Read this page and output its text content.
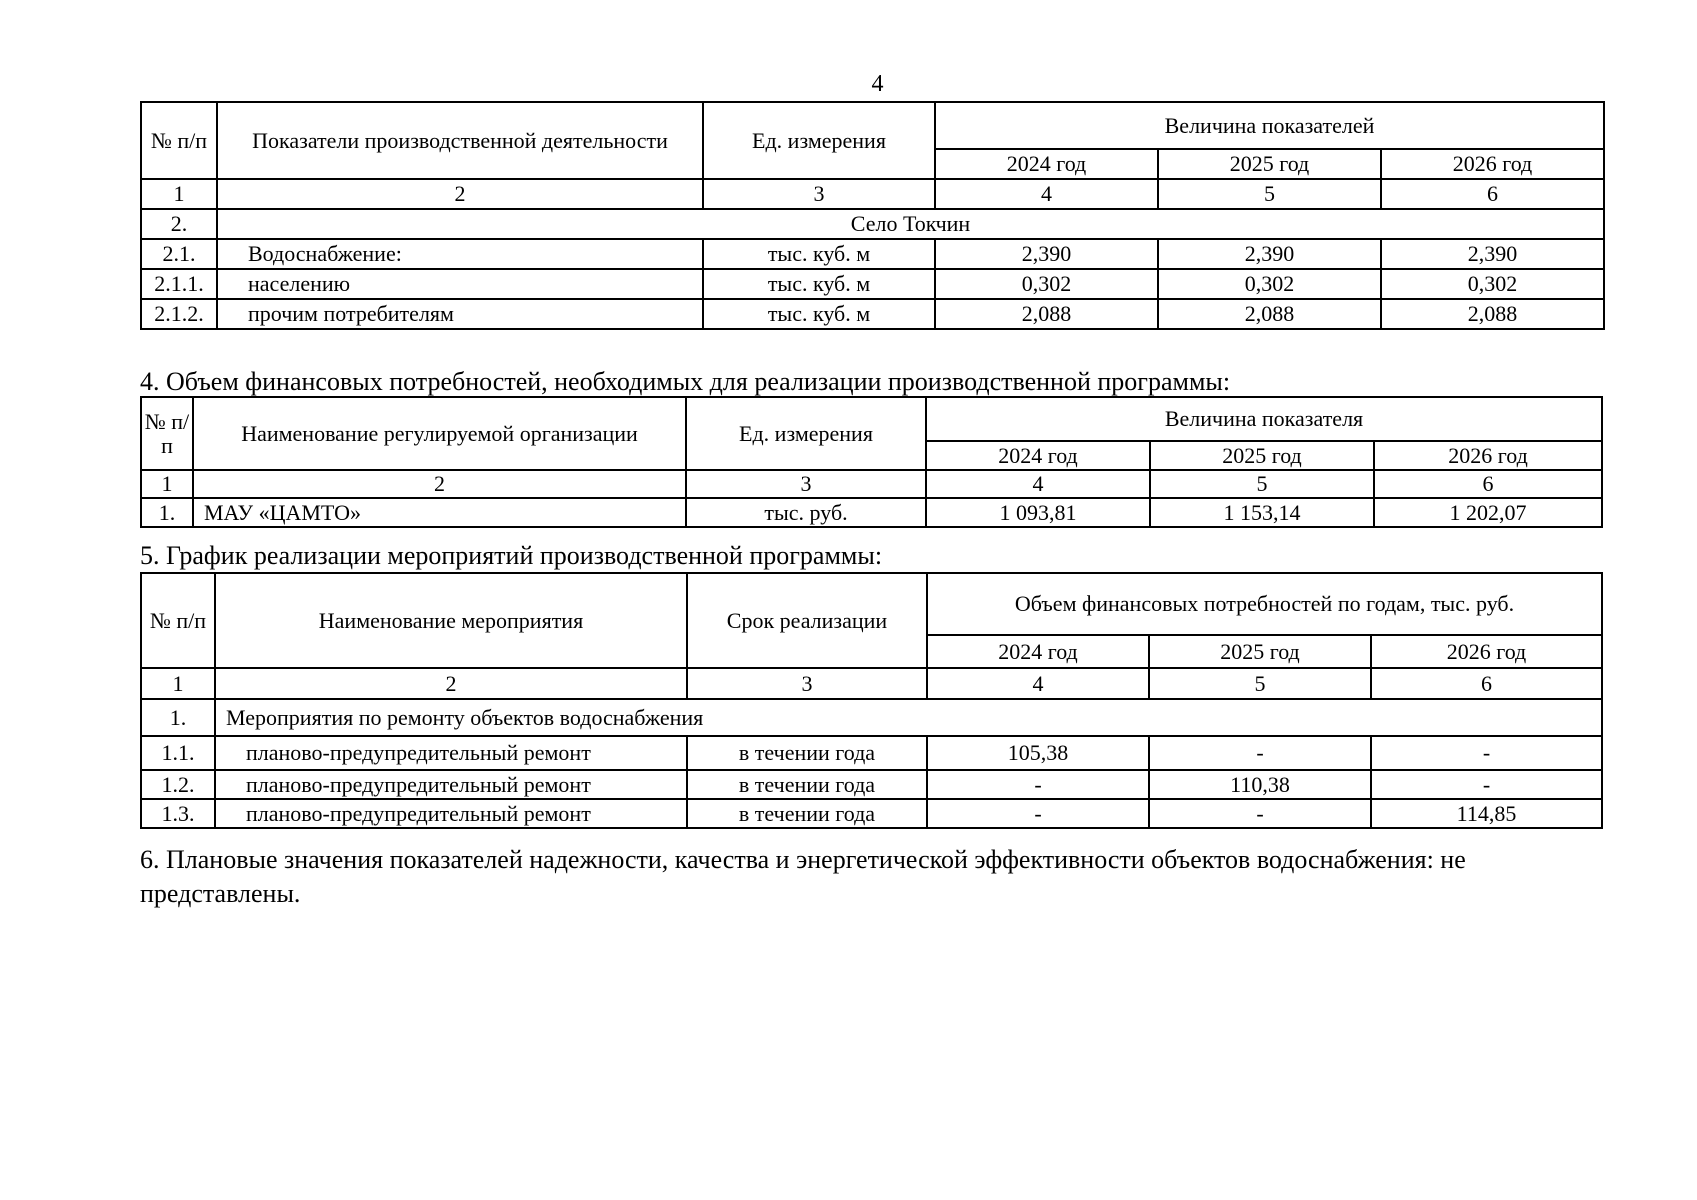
4
№ п/п	Показатели производственной деятельности	Ед. измерения	Величина показателей		
			2024 год	2025 год	2026 год
1	2	3	4	5	6
2.	Село Токчин				
2.1.	Водоснабжение:	тыс. куб. м	2,390	2,390	2,390
2.1.1.	населению	тыс. куб. м	0,302	0,302	0,302
2.1.2.	прочим потребителям	тыс. куб. м	2,088	2,088	2,088
4. Объем финансовых потребностей, необходимых для реализации производственной программы:
№ п/п	Наименование регулируемой организации	Ед. измерения	Величина показателя		
			2024 год	2025 год	2026 год
1	2	3	4	5	6
1.	МАУ «ЦАМТО»	тыс. руб.	1 093,81	1 153,14	1 202,07
5. График реализации мероприятий производственной программы:
№ п/п	Наименование мероприятия	Срок реализации	Объем финансовых потребностей по годам, тыс. руб.		
			2024 год	2025 год	2026 год
1	2	3	4	5	6
1.	Мероприятия по ремонту объектов водоснабжения				
1.1.	планово-предупредительный ремонт	в течении года	105,38	-	-
1.2.	планово-предупредительный ремонт	в течении года	-	110,38	-
1.3.	планово-предупредительный ремонт	в течении года	-	-	114,85

6. Плановые значения показателей надежности, качества и энергетической эффективности объектов водоснабжения: не представлены.
